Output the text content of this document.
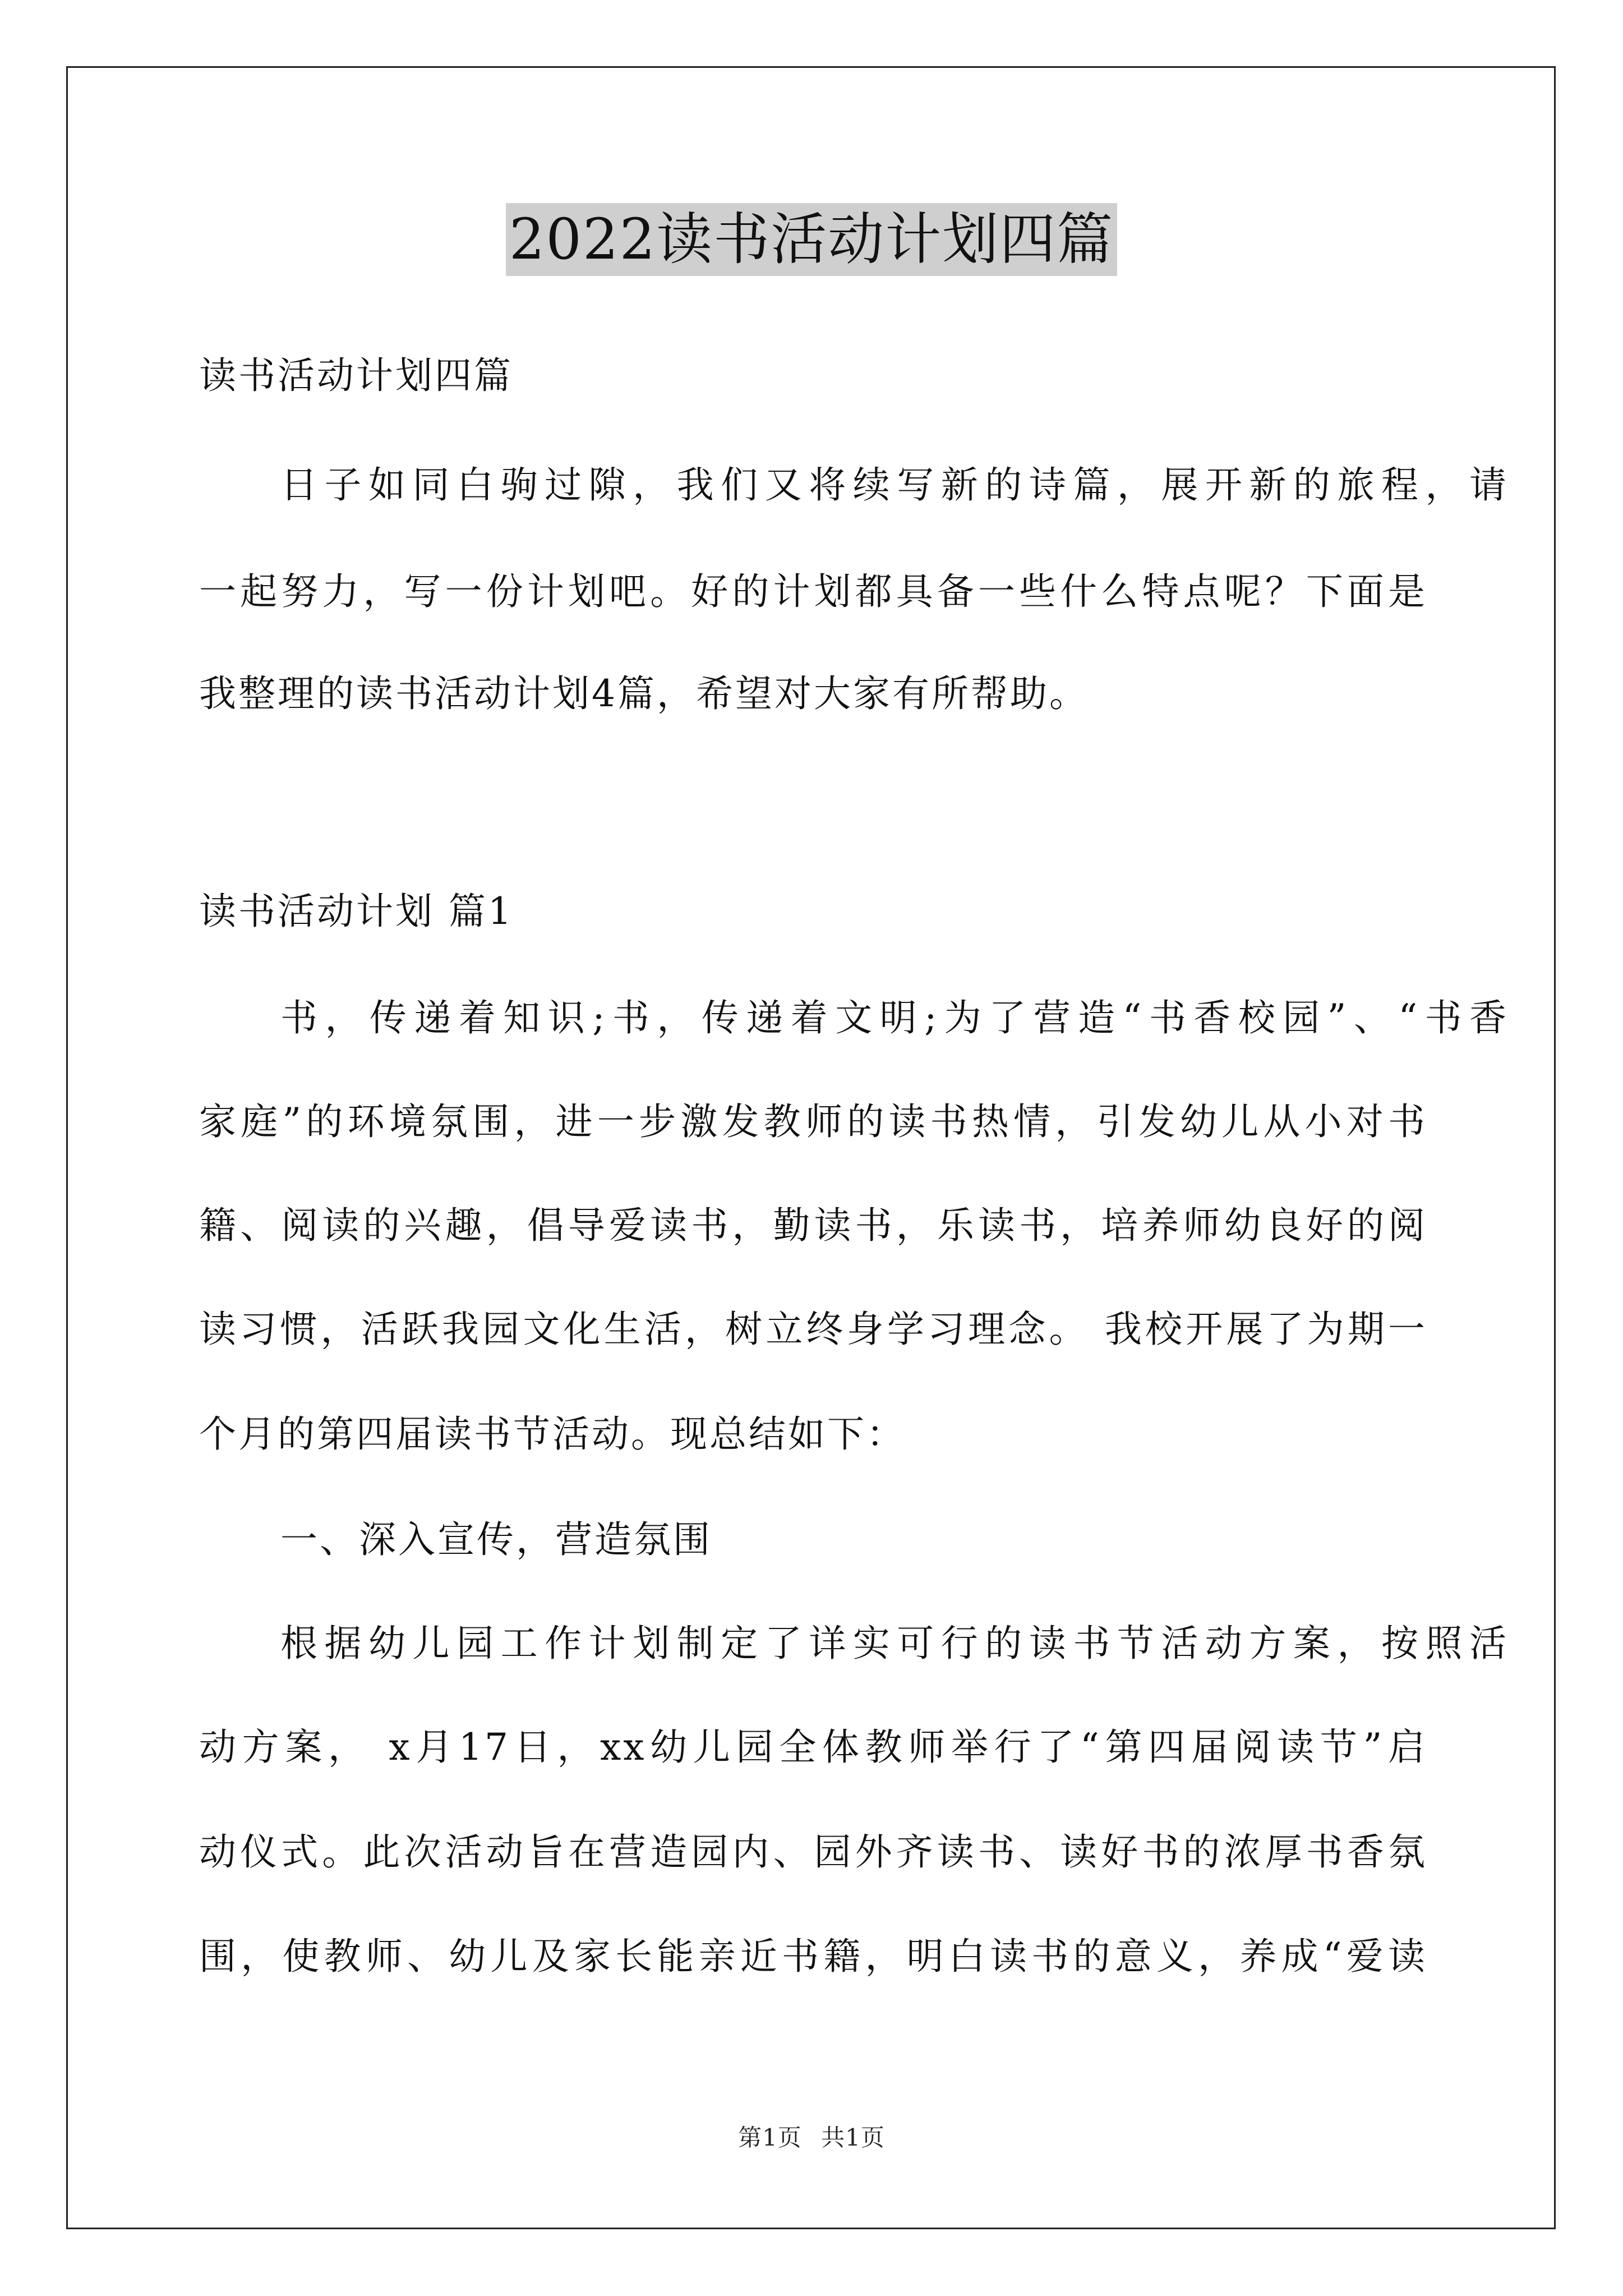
2022读书活动计划四篇
读书活动计划四篇
日子如同白驹过隙，我们又将续写新的诗篇，展开新的旅程，请
一起努力，写一份计划吧。好的计划都具备一些什么特点呢？下面是
我整理的读书活动计划4篇，希望对大家有所帮助。
读书活动计划 篇1
书，传递着知识;书，传递着文明;为了营造“书香校园”、“书香
家庭”的环境氛围，进一步激发教师的读书热情，引发幼儿从小对书
籍、阅读的兴趣，倡导爱读书，勤读书，乐读书，培养师幼良好的阅
读习惯，活跃我园文化生活，树立终身学习理念。 我校开展了为期一
个月的第四届读书节活动。现总结如下：
一、深入宣传，营造氛围
根据幼儿园工作计划制定了详实可行的读书节活动方案，按照活
动方案， x月17日，xx幼儿园全体教师举行了“第四届阅读节”启
动仪式。此次活动旨在营造园内、园外齐读书、读好书的浓厚书香氛
围，使教师、幼儿及家长能亲近书籍，明白读书的意义，养成“爱读
第1页 共1页
